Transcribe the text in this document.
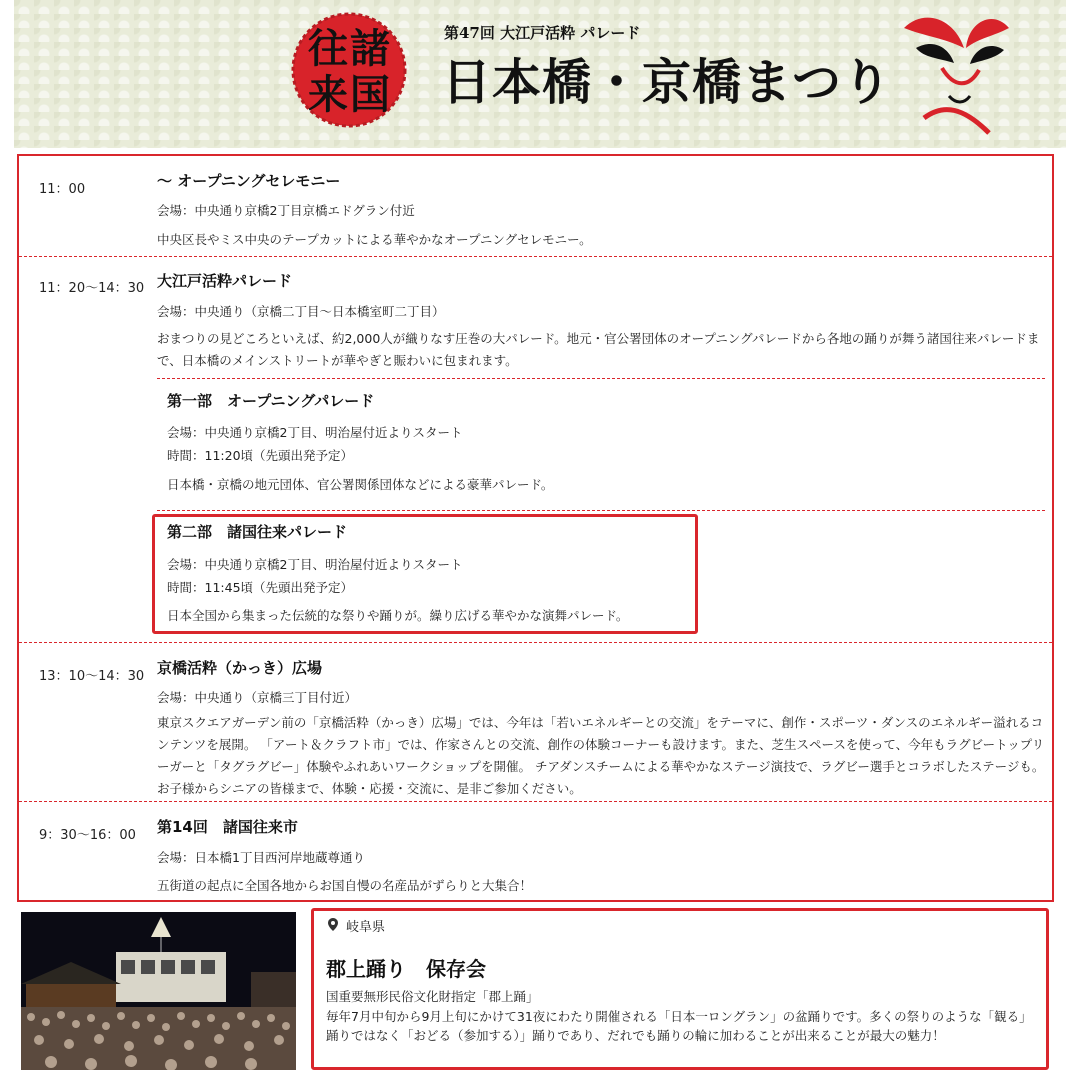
諸
往
国
来
第47回 大江戸活粋 パレード
日本橋・京橋まつり
11：00	〜 オープニングセレモニー
会場：中央通り京橋2丁目京橋エドグラン付近
中央区長やミス中央のテープカットによる華やかなオープニングセレモニー。
11：20〜14：30 大江戸活粋パレード
会場：中央通り（京橋二丁目〜日本橋室町二丁目）
おまつりの見どころといえば、約2,000人が織りなす圧巻の大パレード。地元・官公署団体のオープニングパレードから各地の踊りが舞う諸国往来パレードまで、日本橋のメインストリートが華やぎと賑わいに包まれます。
第一部　オープニングパレード
会場：中央通り京橋2丁目、明治屋付近よりスタート
時間：11:20頃（先頭出発予定）
日本橋・京橋の地元団体、官公署関係団体などによる豪華パレード。
第二部　諸国往来パレード
会場：中央通り京橋2丁目、明治屋付近よりスタート
時間：11:45頃（先頭出発予定）
日本全国から集まった伝統的な祭りや踊りが。繰り広げる華やかな演舞パレード。
13：10〜14：30 京橋活粋（かっき）広場
会場：中央通り（京橋三丁目付近）
東京スクエアガーデン前の「京橋活粋（かっき）広場」では、今年は「若いエネルギーとの交流」をテーマに、創作・スポーツ・ダンスのエネルギー溢れるコンテンツを展開。 「アート＆クラフト市」では、作家さんとの交流、創作の体験コーナーも設けます。また、芝生スペースを使って、今年もラグビートップリーガーと「タグラグビー」体験やふれあいワークショップを開催。 チアダンスチームによる華やかなステージ演技で、ラグビー選手とコラボしたステージも。 お子様からシニアの皆様まで、体験・応援・交流に、是非ご参加ください。
9：30〜16：00 第14回　諸国往来市
会場：日本橋1丁目西河岸地蔵尊通り
五街道の起点に全国各地からお国自慢の名産品がずらりと大集合！
岐阜県
郡上踊り　保存会
国重要無形民俗文化財指定「郡上踊」
毎年7月中旬から9月上旬にかけて31夜にわたり開催される「日本一ロングラン」の盆踊りです。多くの祭りのような「観る」踊りではなく「おどる（参加する）」踊りであり、だれでも踊りの輪に加わることが出来ることが最大の魅力！
